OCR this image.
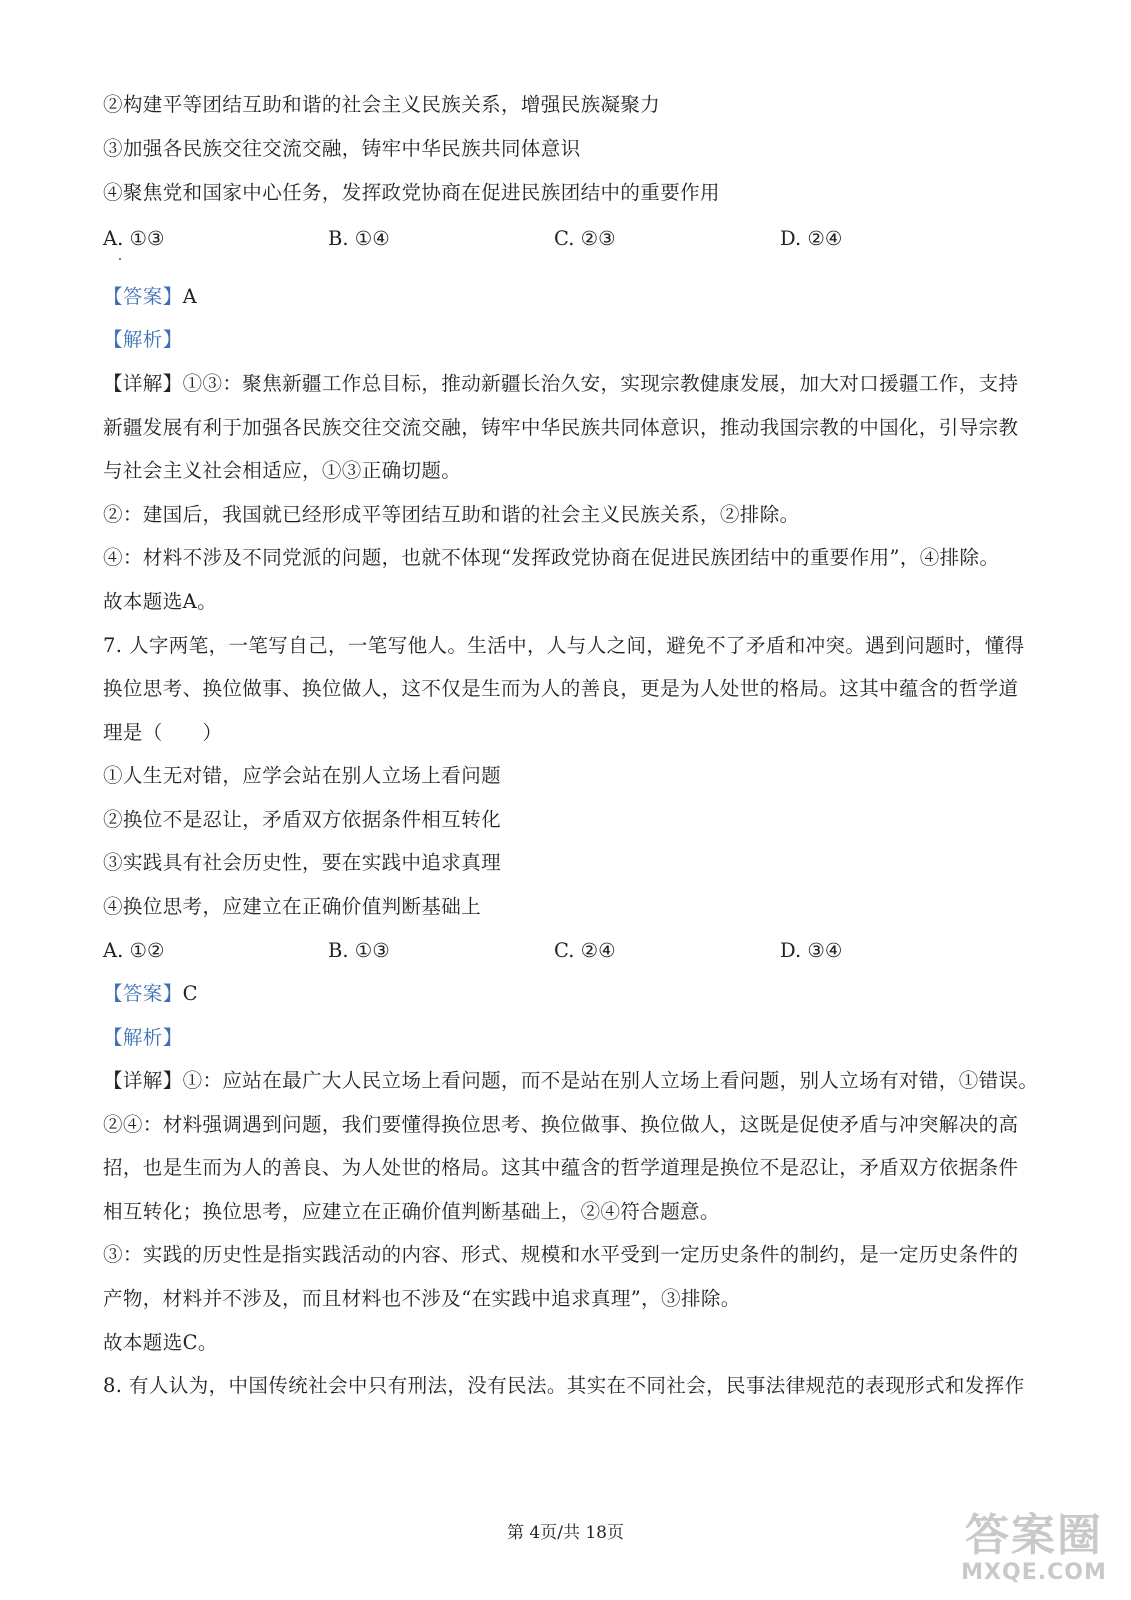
②构建平等团结互助和谐的社会主义民族关系，增强民族凝聚力
③加强各民族交往交流交融，铸牢中华民族共同体意识
④聚焦党和国家中心任务，发挥政党协商在促进民族团结中的重要作用
A. ①③	B. ①④	C. ②③	D. ②④
【答案】A
【解析】
【详解】①③：聚焦新疆工作总目标，推动新疆长治久安，实现宗教健康发展，加大对口援疆工作，支持
新疆发展有利于加强各民族交往交流交融，铸牢中华民族共同体意识，推动我国宗教的中国化，引导宗教
与社会主义社会相适应，①③正确切题。
②：建国后，我国就已经形成平等团结互助和谐的社会主义民族关系，②排除。
④：材料不涉及不同党派的问题，也就不体现“发挥政党协商在促进民族团结中的重要作用”，④排除。
故本题选A。
7. 人字两笔，一笔写自己，一笔写他人。生活中，人与人之间，避免不了矛盾和冲突。遇到问题时，懂得
换位思考、换位做事、换位做人，这不仅是生而为人的善良，更是为人处世的格局。这其中蕴含的哲学道
理是（　　）
①人生无对错，应学会站在别人立场上看问题
②换位不是忍让，矛盾双方依据条件相互转化
③实践具有社会历史性，要在实践中追求真理
④换位思考，应建立在正确价值判断基础上
A. ①②	B. ①③	C. ②④	D. ③④
【答案】C
【解析】
【详解】①：应站在最广大人民立场上看问题，而不是站在别人立场上看问题，别人立场有对错，①错误。
②④：材料强调遇到问题，我们要懂得换位思考、换位做事、换位做人，这既是促使矛盾与冲突解决的高
招，也是生而为人的善良、为人处世的格局。这其中蕴含的哲学道理是换位不是忍让，矛盾双方依据条件
相互转化；换位思考，应建立在正确价值判断基础上，②④符合题意。
③：实践的历史性是指实践活动的内容、形式、规模和水平受到一定历史条件的制约，是一定历史条件的
产物，材料并不涉及，而且材料也不涉及“在实践中追求真理”，③排除。
故本题选C。
8. 有人认为，中国传统社会中只有刑法，没有民法。其实在不同社会，民事法律规范的表现形式和发挥作
第 4页/共 18页	答案圈
MXQE.COM
